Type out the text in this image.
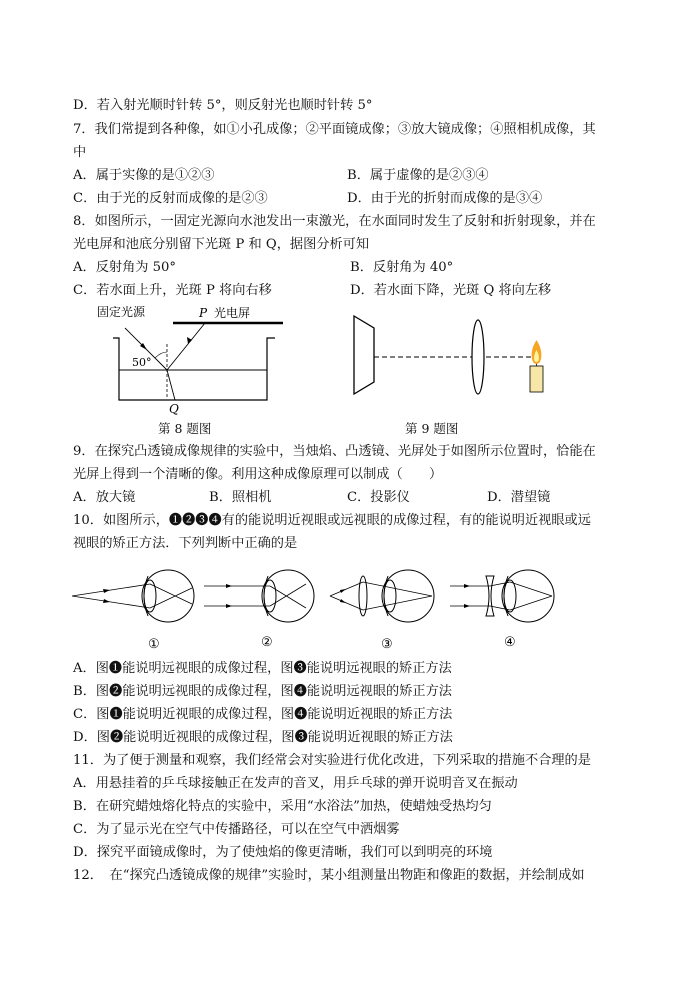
D．若入射光顺时针转 5°，则反射光也顺时针转 5°
7．我们常提到各种像，如①小孔成像；②平面镜成像；③放大镜成像；④照相机成像，其
中
A．属于实像的是①②③	B．属于虚像的是②③④
C．由于光的反射而成像的是②③	D．由于光的折射而成像的是③④
8．如图所示，一固定光源向水池发出一束激光，在水面同时发生了反射和折射现象，并在
光电屏和池底分别留下光斑 P 和 Q，据图分析可知
A．反射角为 50°	B．反射角为 40°
C．若水面上升，光斑 P 将向右移	D．若水面下降，光斑 Q 将向左移
固定光源	P 光电屏
50°
Q
第 8 题图	第 9 题图
9．在探究凸透镜成像规律的实验中，当烛焰、凸透镜、光屏处于如图所示位置时，恰能在
光屏上得到一个清晰的像。利用这种成像原理可以制成（　　）
A．放大镜	B．照相机	C．投影仪	D．潜望镜
10．如图所示，❶❷❸❹有的能说明近视眼或远视眼的成像过程，有的能说明近视眼或远
视眼的矫正方法．下列判断中正确的是
①	②	③	④
A．图❶能说明远视眼的成像过程，图❸能说明远视眼的矫正方法
B．图❷能说明远视眼的成像过程，图❹能说明远视眼的矫正方法
C．图❶能说明近视眼的成像过程，图❹能说明近视眼的矫正方法
D．图❷能说明近视眼的成像过程，图❸能说明近视眼的矫正方法
11．为了便于测量和观察，我们经常会对实验进行优化改进，下列采取的措施不合理的是
A．用悬挂着的乒乓球接触正在发声的音叉，用乒乓球的弹开说明音叉在振动
B．在研究蜡烛熔化特点的实验中，采用“水浴法”加热，使蜡烛受热均匀
C．为了显示光在空气中传播路径，可以在空气中洒烟雾
D．探究平面镜成像时，为了使烛焰的像更清晰，我们可以到明亮的环境
12．　在“探究凸透镜成像的规律”实验时，某小组测量出物距和像距的数据，并绘制成如
